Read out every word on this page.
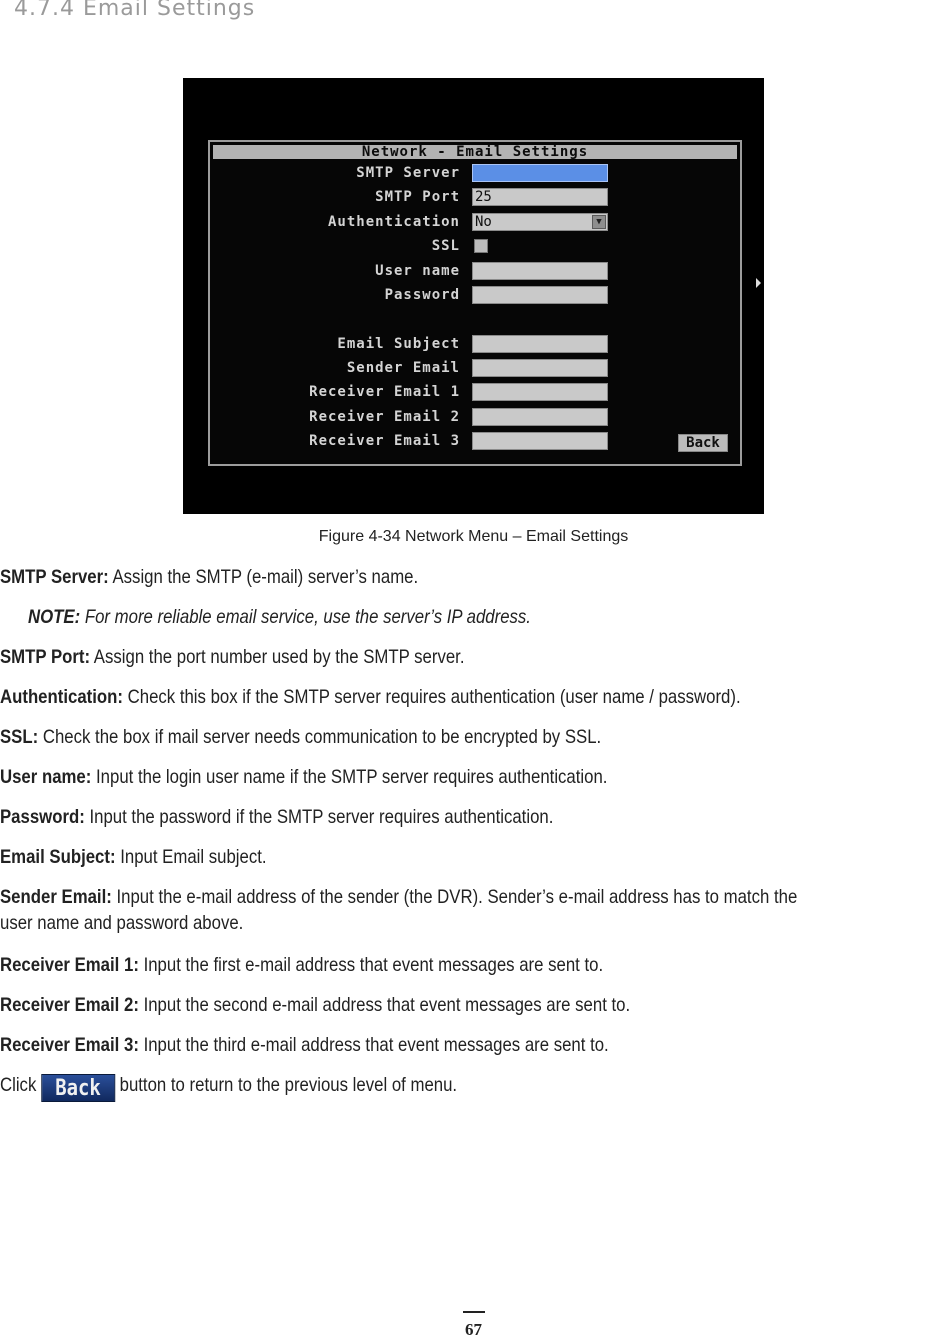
4.7.4 Email Settings
Network - Email Settings
SMTP Server
SMTP Port 25
Authentication No	▼
SSL
User name
Password
Email Subject
Sender Email
Receiver Email 1
Receiver Email 2
Receiver Email 3	Back
Figure 4-34 Network Menu – Email Settings
SMTP Server: Assign the SMTP (e-mail) server’s name.
NOTE: For more reliable email service, use the server’s IP address.
SMTP Port: Assign the port number used by the SMTP server.
Authentication: Check this box if the SMTP server requires authentication (user name / password).
SSL: Check the box if mail server needs communication to be encrypted by SSL.
User name: Input the login user name if the SMTP server requires authentication.
Password: Input the password if the SMTP server requires authentication.
Email Subject: Input Email subject.
Sender Email: Input the e-mail address of the sender (the DVR). Sender’s e-mail address has to match the
user name and password above.
Receiver Email 1: Input the first e-mail address that event messages are sent to.
Receiver Email 2: Input the second e-mail address that event messages are sent to.
Receiver Email 3: Input the third e-mail address that event messages are sent to.
Click Back button to return to the previous level of menu.
67
